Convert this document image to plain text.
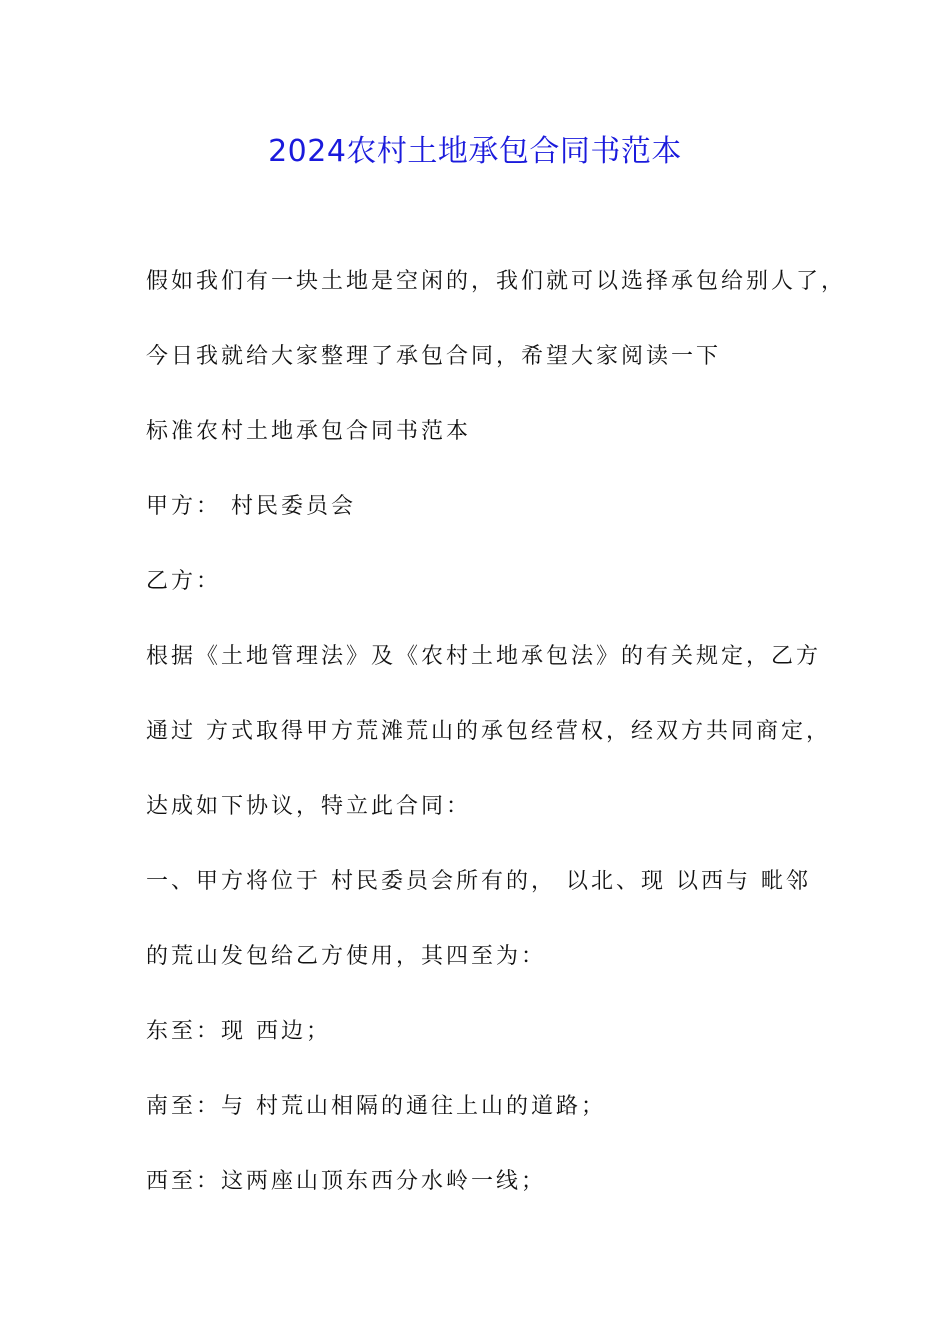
2024农村土地承包合同书范本

假如我们有一块土地是空闲的，我们就可以选择承包给别人了，

今日我就给大家整理了承包合同，希望大家阅读一下

标准农村土地承包合同书范本

甲方： 村民委员会

乙方：

根据《土地管理法》及《农村土地承包法》的有关规定，乙方

通过 方式取得甲方荒滩荒山的承包经营权，经双方共同商定，

达成如下协议，特立此合同：

一、甲方将位于 村民委员会所有的， 以北、现 以西与 毗邻

的荒山发包给乙方使用，其四至为：

东至：现 西边；

南至：与 村荒山相隔的通往上山的道路；

西至：这两座山顶东西分水岭一线；
